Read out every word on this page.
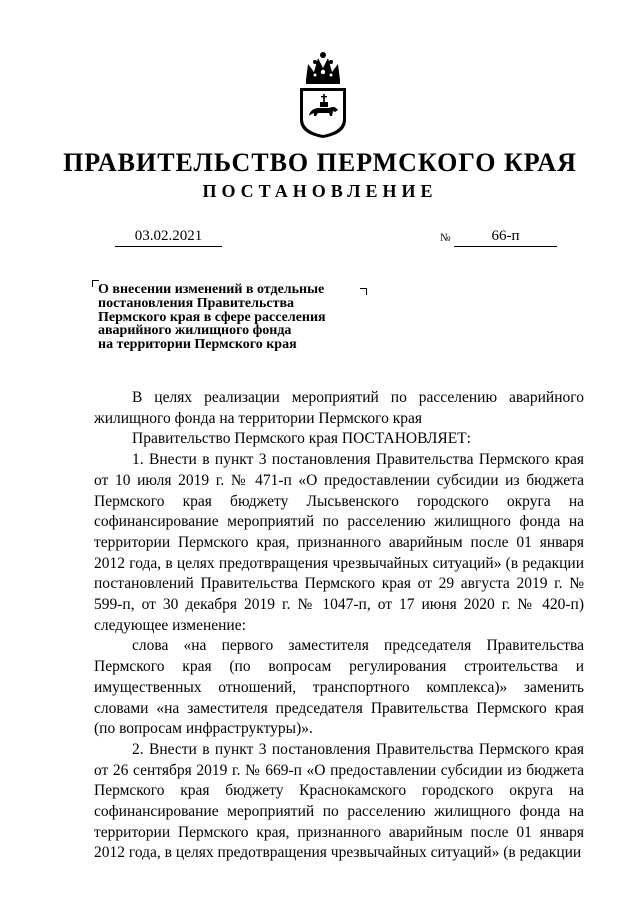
ПРАВИТЕЛЬСТВО ПЕРМСКОГО КРАЯ
ПОСТАНОВЛЕНИЕ
03.02.2021	№	66-п
О внесении изменений в отдельные
постановления Правительства
Пермского края в сфере расселения
аварийного жилищного фонда
на территории Пермского края

В целях реализации мероприятий по расселению аварийного жилищного фонда на территории Пермского края

Правительство Пермского края ПОСТАНОВЛЯЕТ:

1. Внести в пункт 3 постановления Правительства Пермского края от 10 июля 2019 г. № 471-п «О предоставлении субсидии из бюджета Пермского края бюджету Лысьвенского городского округа на софинансирование мероприятий по расселению жилищного фонда на территории Пермского края, признанного аварийным после 01 января 2012 года, в целях предотвращения чрезвычайных ситуаций» (в редакции постановлений Правительства Пермского края от 29 августа 2019 г. № 599-п, от 30 декабря 2019 г. № 1047-п, от 17 июня 2020 г. № 420-п) следующее изменение:

слова «на первого заместителя председателя Правительства Пермского края (по вопросам регулирования строительства и имущественных отношений, транспортного комплекса)» заменить словами «на заместителя председателя Правительства Пермского края (по вопросам инфраструктуры)».

2. Внести в пункт 3 постановления Правительства Пермского края от 26 сентября 2019 г. № 669-п «О предоставлении субсидии из бюджета Пермского края бюджету Краснокамского городского округа на софинансирование мероприятий по расселению жилищного фонда на территории Пермского края, признанного аварийным после 01 января 2012 года, в целях предотвращения чрезвычайных ситуаций» (в редакции
